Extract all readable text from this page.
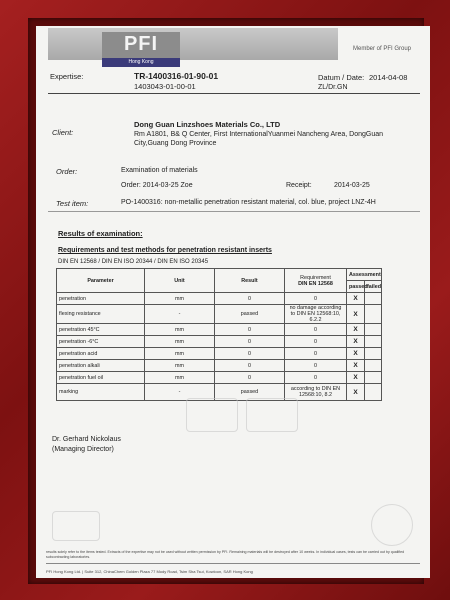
PFI
Hong Kong
Member of PFI Group
Expertise:	TR-1400316-01-90-01
1403043-01-00-01
Datum / Date: 2014-04-08
ZL/Dr.GN
Dong Guan Linzshoes Materials Co., LTD
Client:	Rm A1801, B& Q Center, First InternationalYuanmei Nancheng Area, DongGuan
City,Guang Dong Province
Order:	Examination of materials
Order: 2014-03-25 Zoe	Receipt:	2014-03-25
Test item:	PO-1400316: non-metallic penetration resistant material, col. blue, project LNZ-4H
Results of examination:
Requirements and test methods for penetration resistant inserts
DIN EN 12568 / DIN EN ISO 20344 / DIN EN ISO 20345
Parameter	Unit	Result	Requirement
DIN EN 12568	Assessment	
				passed	failed
penetration	mm	0	0	X	
flexing resistance	-	passed	no damage according to DIN EN 12568:10, 6.2.2	X	
penetration 45°C	mm	0	0	X	
penetration -6°C	mm	0	0	X	
penetration acid	mm	0	0	X	
penetration alkali	mm	0	0	X	
penetration fuel oil	mm	0	0	X	
marking	-	passed	according to DIN EN 12568:10, 8.2	X	
Dr. Gerhard Nickolaus
(Managing Director)
results solely refer to the items tested. Extracts of the expertise may not be used without written permission by PFI. Remaining materials will be destroyed after 10 weeks. In individual cases, tests can be carried out by qualified subcontracting laboratories.
PFI Hong Kong Ltd. | Suite 312, ChinaChem Golden Plaza 77 Mody Road, Tsim Sha Tsui, Kowloon, SAR Hong Kong
